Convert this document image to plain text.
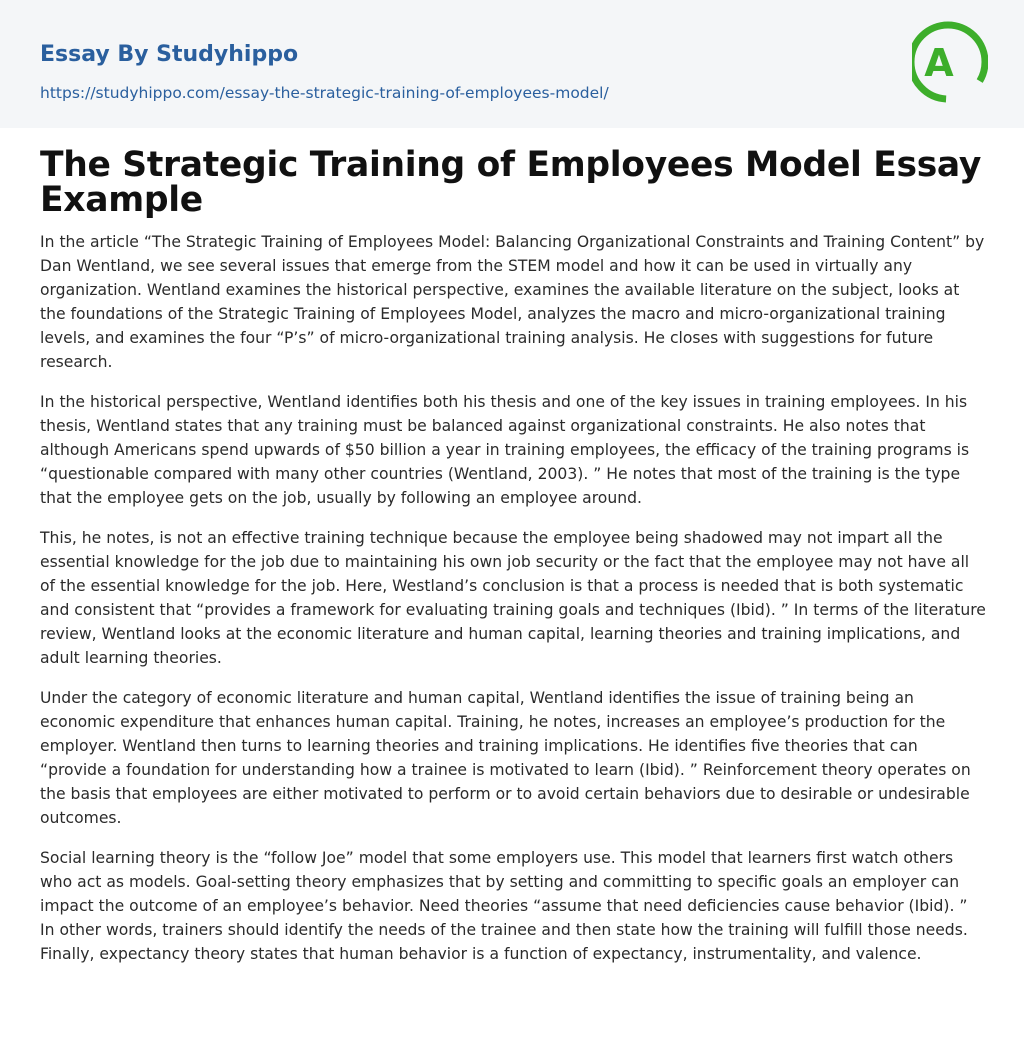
Essay By Studyhippo
https://studyhippo.com/essay-the-strategic-training-of-employees-model/
A
The Strategic Training of Employees Model Essay Example

In the article “The Strategic Training of Employees Model: Balancing Organizational Constraints and Training Content” by Dan Wentland, we see several issues that emerge from the STEM model and how it can be used in virtually any organization. Wentland examines the historical perspective, examines the available literature on the subject, looks at the foundations of the Strategic Training of Employees Model, analyzes the macro and micro-organizational training levels, and examines the four “P’s” of micro-organizational training analysis. He closes with suggestions for future research.

In the historical perspective, Wentland identifies both his thesis and one of the key issues in training employees. In his thesis, Wentland states that any training must be balanced against organizational constraints. He also notes that although Americans spend upwards of $50 billion a year in training employees, the efficacy of the training programs is “questionable compared with many other countries (Wentland, 2003). ” He notes that most of the training is the type that the employee gets on the job, usually by following an employee around.

This, he notes, is not an effective training technique because the employee being shadowed may not impart all the essential knowledge for the job due to maintaining his own job security or the fact that the employee may not have all of the essential knowledge for the job. Here, Westland’s conclusion is that a process is needed that is both systematic and consistent that “provides a framework for evaluating training goals and techniques (Ibid). ” In terms of the literature review, Wentland looks at the economic literature and human capital, learning theories and training implications, and adult learning theories.

Under the category of economic literature and human capital, Wentland identifies the issue of training being an economic expenditure that enhances human capital. Training, he notes, increases an employee’s production for the employer. Wentland then turns to learning theories and training implications. He identifies five theories that can “provide a foundation for understanding how a trainee is motivated to learn (Ibid). ” Reinforcement theory operates on the basis that employees are either motivated to perform or to avoid certain behaviors due to desirable or undesirable outcomes.

Social learning theory is the “follow Joe” model that some employers use. This model that learners first watch others who act as models. Goal-setting theory emphasizes that by setting and committing to specific goals an employer can impact the outcome of an employee’s behavior. Need theories “assume that need deficiencies cause behavior (Ibid). ” In other words, trainers should identify the needs of the trainee and then state how the training will fulfill those needs. Finally, expectancy theory states that human behavior is a function of expectancy, instrumentality, and valence.
